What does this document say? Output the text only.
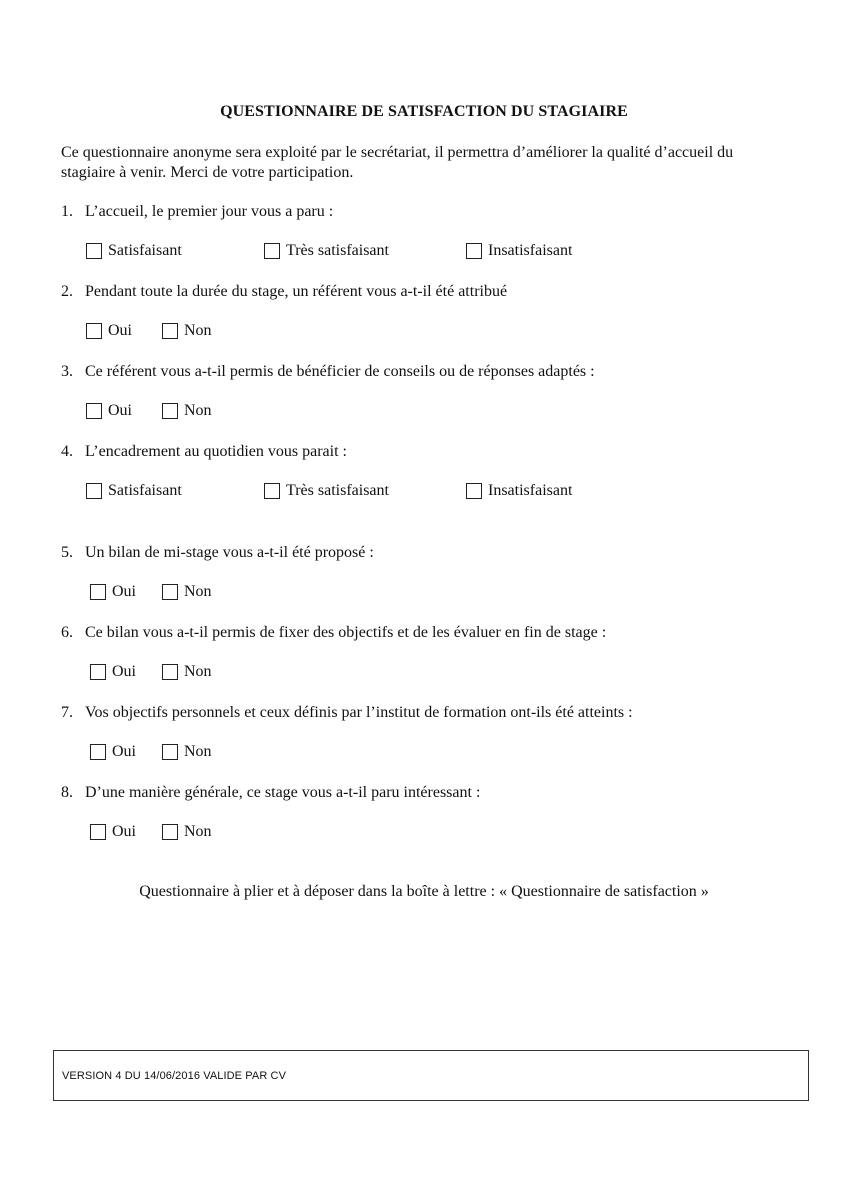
QUESTIONNAIRE DE SATISFACTION DU STAGIAIRE
Ce questionnaire anonyme sera exploité par le secrétariat, il permettra d’améliorer la qualité d’accueil du stagiaire à venir. Merci de votre participation.
1. L’accueil, le premier jour vous a paru :
Satisfaisant	Très satisfaisant	Insatisfaisant
2. Pendant toute la durée du stage, un référent vous a-t-il été attribué
Oui	Non
3. Ce référent vous a-t-il permis de bénéficier de conseils ou de réponses adaptés :
Oui	Non
4. L’encadrement au quotidien vous parait :
Satisfaisant	Très satisfaisant	Insatisfaisant
5. Un bilan de mi-stage vous a-t-il été proposé :
Oui	Non
6. Ce bilan vous a-t-il permis de fixer des objectifs et de les évaluer en fin de stage :
Oui	Non
7. Vos objectifs personnels et ceux définis par l’institut de formation ont-ils été atteints :
Oui	Non
8. D’une manière générale, ce stage vous a-t-il paru intéressant :
Oui	Non
Questionnaire à plier et à déposer dans la boîte à lettre : « Questionnaire de satisfaction »
VERSION 4 DU 14/06/2016 VALIDE PAR CV
